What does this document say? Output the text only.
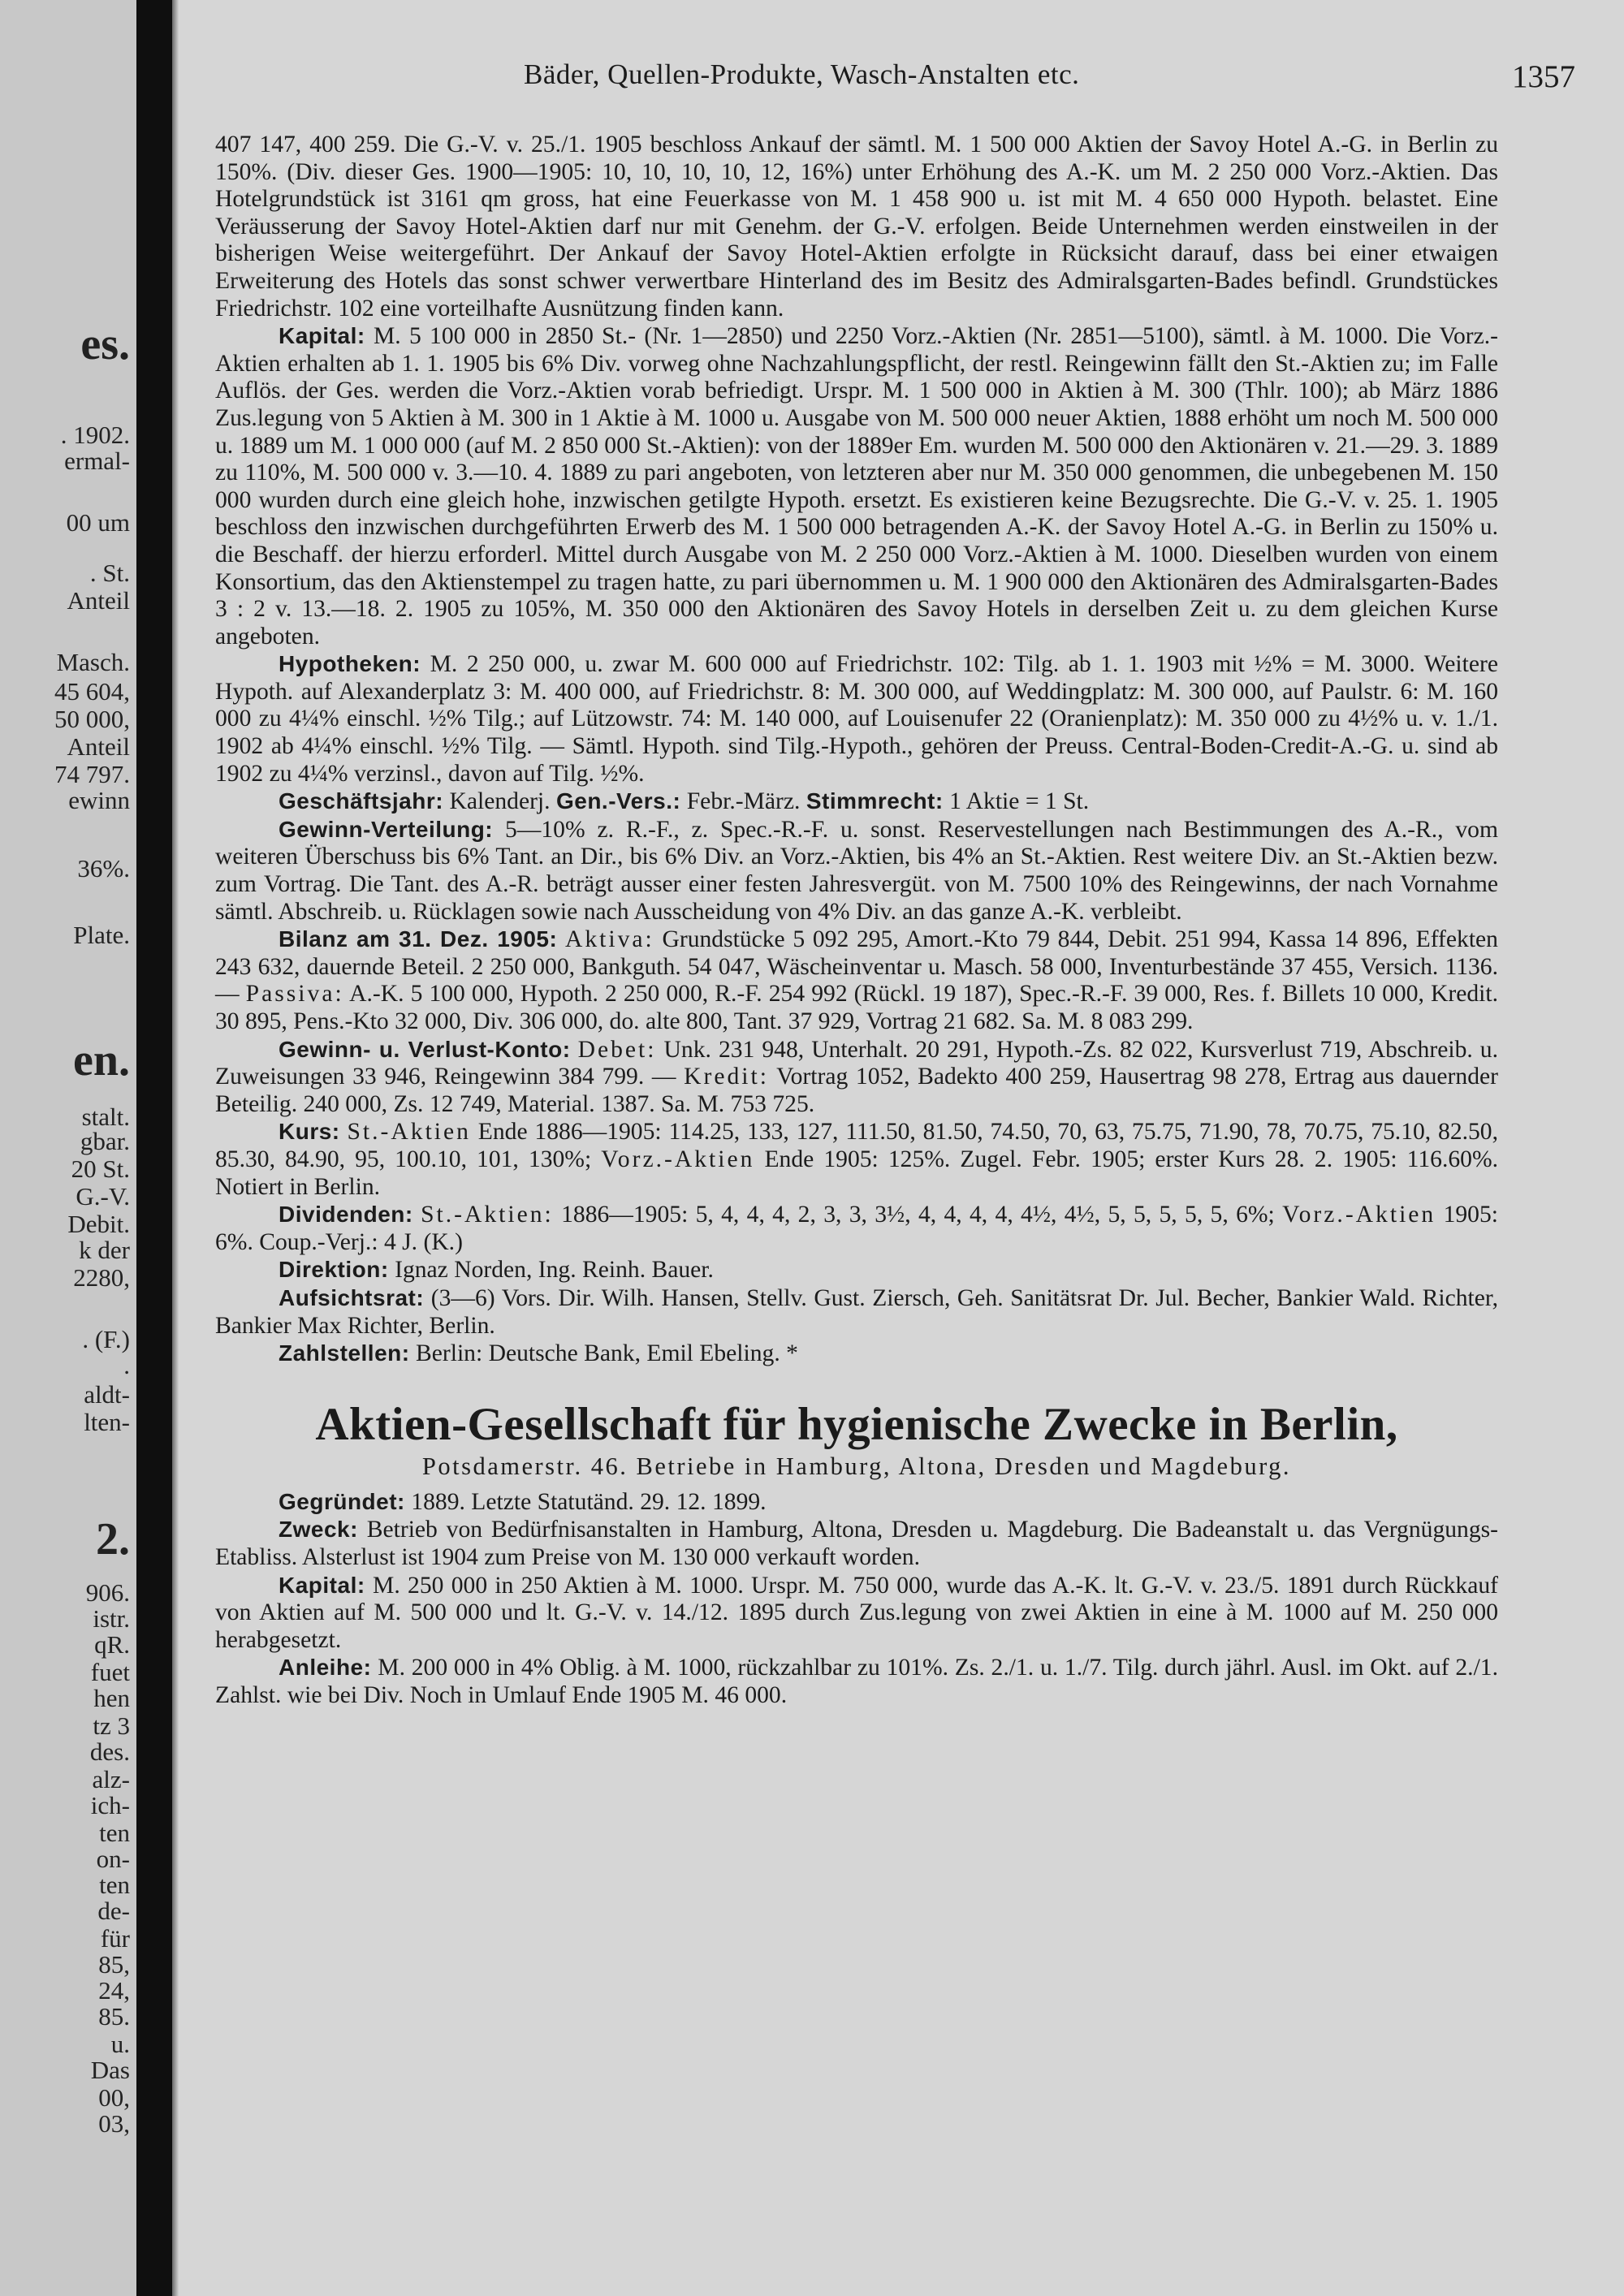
es.
. 1902.
ermal-
00 um
. St.
Anteil
Masch.
45 604,
50 000,
Anteil
74 797.
ewinn
36%.
Plate.
en.
stalt.
gbar.
20 St.
G.-V.
Debit.
k der
2280,
. (F.)
.
aldt-
lten-
2.
906.
istr.
qR.
fuet
hen
tz 3
des.
alz-
ich-
ten
on-
ten
de-
für
85,
24,
85.
u.
Das
00,
03,
Bäder, Quellen-Produkte, Wasch-Anstalten etc.	1357

407 147, 400 259. Die G.-V. v. 25./1. 1905 beschloss Ankauf der sämtl. M. 1 500 000 Aktien der Savoy Hotel A.-G. in Berlin zu 150%. (Div. dieser Ges. 1900—1905: 10, 10, 10, 10, 12, 16%) unter Erhöhung des A.-K. um M. 2 250 000 Vorz.-Aktien. Das Hotelgrundstück ist 3161 qm gross, hat eine Feuerkasse von M. 1 458 900 u. ist mit M. 4 650 000 Hypoth. belastet. Eine Veräusserung der Savoy Hotel-Aktien darf nur mit Genehm. der G.-V. erfolgen. Beide Unternehmen werden einstweilen in der bisherigen Weise weitergeführt. Der Ankauf der Savoy Hotel-Aktien erfolgte in Rücksicht darauf, dass bei einer etwaigen Erweiterung des Hotels das sonst schwer verwertbare Hinterland des im Besitz des Admiralsgarten-Bades befindl. Grundstückes Friedrichstr. 102 eine vorteilhafte Ausnützung finden kann.

Kapital: M. 5 100 000 in 2850 St.- (Nr. 1—2850) und 2250 Vorz.-Aktien (Nr. 2851—5100), sämtl. à M. 1000. Die Vorz.-Aktien erhalten ab 1. 1. 1905 bis 6% Div. vorweg ohne Nachzahlungspflicht, der restl. Reingewinn fällt den St.-Aktien zu; im Falle Auflös. der Ges. werden die Vorz.-Aktien vorab befriedigt. Urspr. M. 1 500 000 in Aktien à M. 300 (Thlr. 100); ab März 1886 Zus.legung von 5 Aktien à M. 300 in 1 Aktie à M. 1000 u. Ausgabe von M. 500 000 neuer Aktien, 1888 erhöht um noch M. 500 000 u. 1889 um M. 1 000 000 (auf M. 2 850 000 St.-Aktien): von der 1889er Em. wurden M. 500 000 den Aktionären v. 21.—29. 3. 1889 zu 110%, M. 500 000 v. 3.—10. 4. 1889 zu pari angeboten, von letzteren aber nur M. 350 000 genommen, die unbegebenen M. 150 000 wurden durch eine gleich hohe, inzwischen getilgte Hypoth. ersetzt. Es existieren keine Bezugsrechte. Die G.-V. v. 25. 1. 1905 beschloss den inzwischen durchgeführten Erwerb des M. 1 500 000 betragenden A.-K. der Savoy Hotel A.-G. in Berlin zu 150% u. die Beschaff. der hierzu erforderl. Mittel durch Ausgabe von M. 2 250 000 Vorz.-Aktien à M. 1000. Dieselben wurden von einem Konsortium, das den Aktienstempel zu tragen hatte, zu pari übernommen u. M. 1 900 000 den Aktionären des Admiralsgarten-Bades 3 : 2 v. 13.—18. 2. 1905 zu 105%, M. 350 000 den Aktionären des Savoy Hotels in derselben Zeit u. zu dem gleichen Kurse angeboten.

Hypotheken: M. 2 250 000, u. zwar M. 600 000 auf Friedrichstr. 102: Tilg. ab 1. 1. 1903 mit ½% = M. 3000. Weitere Hypoth. auf Alexanderplatz 3: M. 400 000, auf Friedrichstr. 8: M. 300 000, auf Weddingplatz: M. 300 000, auf Paulstr. 6: M. 160 000 zu 4¼% einschl. ½% Tilg.; auf Lützowstr. 74: M. 140 000, auf Louisenufer 22 (Oranienplatz): M. 350 000 zu 4½% u. v. 1./1. 1902 ab 4¼% einschl. ½% Tilg. — Sämtl. Hypoth. sind Tilg.-Hypoth., gehören der Preuss. Central-Boden-Credit-A.-G. u. sind ab 1902 zu 4¼% verzinsl., davon auf Tilg. ½%.

Geschäftsjahr: Kalenderj. Gen.-Vers.: Febr.-März. Stimmrecht: 1 Aktie = 1 St.

Gewinn-Verteilung: 5—10% z. R.-F., z. Spec.-R.-F. u. sonst. Reservestellungen nach Bestimmungen des A.-R., vom weiteren Überschuss bis 6% Tant. an Dir., bis 6% Div. an Vorz.-Aktien, bis 4% an St.-Aktien. Rest weitere Div. an St.-Aktien bezw. zum Vortrag. Die Tant. des A.-R. beträgt ausser einer festen Jahresvergüt. von M. 7500 10% des Reingewinns, der nach Vornahme sämtl. Abschreib. u. Rücklagen sowie nach Ausscheidung von 4% Div. an das ganze A.-K. verbleibt.

Bilanz am 31. Dez. 1905: Aktiva: Grundstücke 5 092 295, Amort.-Kto 79 844, Debit. 251 994, Kassa 14 896, Effekten 243 632, dauernde Beteil. 2 250 000, Bankguth. 54 047, Wäscheinventar u. Masch. 58 000, Inventurbestände 37 455, Versich. 1136. — Passiva: A.-K. 5 100 000, Hypoth. 2 250 000, R.-F. 254 992 (Rückl. 19 187), Spec.-R.-F. 39 000, Res. f. Billets 10 000, Kredit. 30 895, Pens.-Kto 32 000, Div. 306 000, do. alte 800, Tant. 37 929, Vortrag 21 682. Sa. M. 8 083 299.

Gewinn- u. Verlust-Konto: Debet: Unk. 231 948, Unterhalt. 20 291, Hypoth.-Zs. 82 022, Kursverlust 719, Abschreib. u. Zuweisungen 33 946, Reingewinn 384 799. — Kredit: Vortrag 1052, Badekto 400 259, Hausertrag 98 278, Ertrag aus dauernder Beteilig. 240 000, Zs. 12 749, Material. 1387. Sa. M. 753 725.

Kurs: St.-Aktien Ende 1886—1905: 114.25, 133, 127, 111.50, 81.50, 74.50, 70, 63, 75.75, 71.90, 78, 70.75, 75.10, 82.50, 85.30, 84.90, 95, 100.10, 101, 130%; Vorz.-Aktien Ende 1905: 125%. Zugel. Febr. 1905; erster Kurs 28. 2. 1905: 116.60%. Notiert in Berlin.

Dividenden: St.-Aktien: 1886—1905: 5, 4, 4, 4, 2, 3, 3, 3½, 4, 4, 4, 4, 4½, 4½, 5, 5, 5, 5, 5, 6%; Vorz.-Aktien 1905: 6%. Coup.-Verj.: 4 J. (K.)

Direktion: Ignaz Norden, Ing. Reinh. Bauer.

Aufsichtsrat: (3—6) Vors. Dir. Wilh. Hansen, Stellv. Gust. Ziersch, Geh. Sanitätsrat Dr. Jul. Becher, Bankier Wald. Richter, Bankier Max Richter, Berlin.

Zahlstellen: Berlin: Deutsche Bank, Emil Ebeling. *

Aktien-Gesellschaft für hygienische Zwecke in Berlin,
Potsdamerstr. 46. Betriebe in Hamburg, Altona, Dresden und Magdeburg.

Gegründet: 1889. Letzte Statutänd. 29. 12. 1899.

Zweck: Betrieb von Bedürfnisanstalten in Hamburg, Altona, Dresden u. Magdeburg. Die Badeanstalt u. das Vergnügungs-Etabliss. Alsterlust ist 1904 zum Preise von M. 130 000 verkauft worden.

Kapital: M. 250 000 in 250 Aktien à M. 1000. Urspr. M. 750 000, wurde das A.-K. lt. G.-V. v. 23./5. 1891 durch Rückkauf von Aktien auf M. 500 000 und lt. G.-V. v. 14./12. 1895 durch Zus.legung von zwei Aktien in eine à M. 1000 auf M. 250 000 herabgesetzt.

Anleihe: M. 200 000 in 4% Oblig. à M. 1000, rückzahlbar zu 101%. Zs. 2./1. u. 1./7. Tilg. durch jährl. Ausl. im Okt. auf 2./1. Zahlst. wie bei Div. Noch in Umlauf Ende 1905 M. 46 000.
